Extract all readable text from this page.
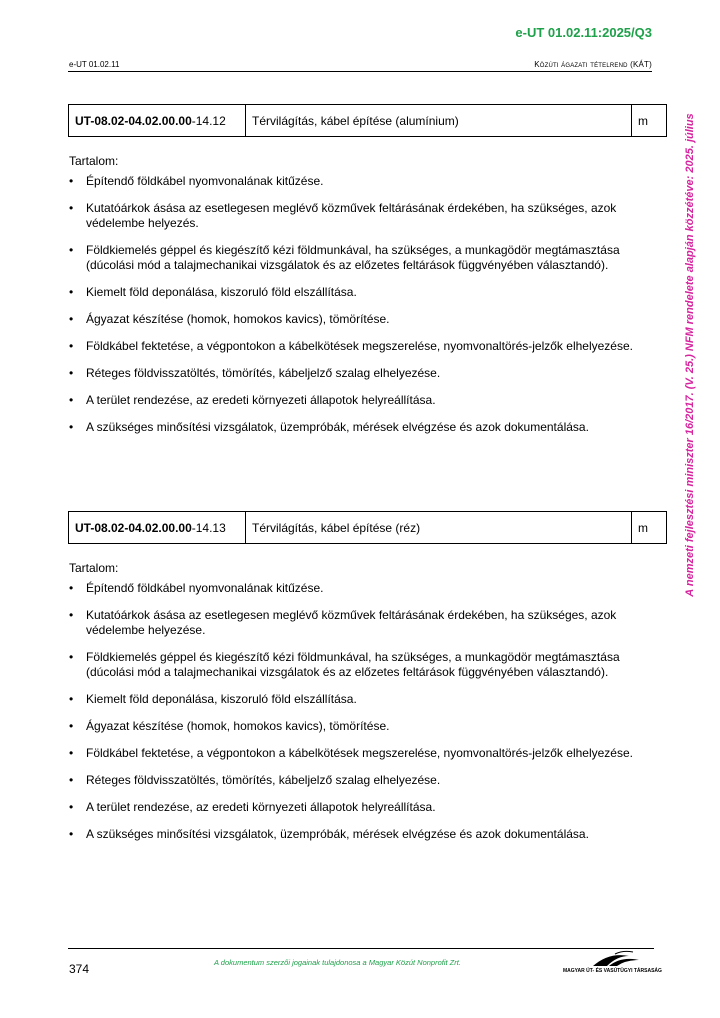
e-UT 01.02.11:2025/Q3
e-UT 01.02.11	Közúti ágazati tételrend (KÁT)
A nemzeti fejlesztési miniszter 16/2017. (V. 25.) NFM rendelete alapján közzétéve: 2025. július
UT-08.02-04.02.00.00-14.12	Térvilágítás, kábel építése (alumínium)	m
Tartalom:
• Építendő földkábel nyomvonalának kitűzése.
• Kutatóárkok ásása az esetlegesen meglévő közművek feltárásának érdekében, ha szükséges, azok védelembe helyezés.
• Földkiemelés géppel és kiegészítő kézi földmunkával, ha szükséges, a munkagödör megtámasztása (dúcolási mód a talajmechanikai vizsgálatok és az előzetes feltárások függvényében választandó).
• Kiemelt föld deponálása, kiszoruló föld elszállítása.
• Ágyazat készítése (homok, homokos kavics), tömörítése.
• Földkábel fektetése, a végpontokon a kábelkötések megszerelése, nyomvonaltörés-jelzők elhelyezése.
• Réteges földvisszatöltés, tömörítés, kábeljelző szalag elhelyezése.
• A terület rendezése, az eredeti környezeti állapotok helyreállítása.
• A szükséges minősítési vizsgálatok, üzempróbák, mérések elvégzése és azok dokumentálása.
UT-08.02-04.02.00.00-14.13	Térvilágítás, kábel építése (réz)	m
Tartalom:
• Építendő földkábel nyomvonalának kitűzése.
• Kutatóárkok ásása az esetlegesen meglévő közművek feltárásának érdekében, ha szükséges, azok védelembe helyezése.
• Földkiemelés géppel és kiegészítő kézi földmunkával, ha szükséges, a munkagödör megtámasztása (dúcolási mód a talajmechanikai vizsgálatok és az előzetes feltárások függvényében választandó).
• Kiemelt föld deponálása, kiszoruló föld elszállítása.
• Ágyazat készítése (homok, homokos kavics), tömörítése.
• Földkábel fektetése, a végpontokon a kábelkötések megszerelése, nyomvonaltörés-jelzők elhelyezése.
• Réteges földvisszatöltés, tömörítés, kábeljelző szalag elhelyezése.
• A terület rendezése, az eredeti környezeti állapotok helyreállítása.
• A szükséges minősítési vizsgálatok, üzempróbák, mérések elvégzése és azok dokumentálása.
374	A dokumentum szerzői jogainak tulajdonosa a Magyar Közút Nonprofit Zrt.
MAGYAR ÚT- ÉS VASÚTÜGYI TÁRSASÁG
